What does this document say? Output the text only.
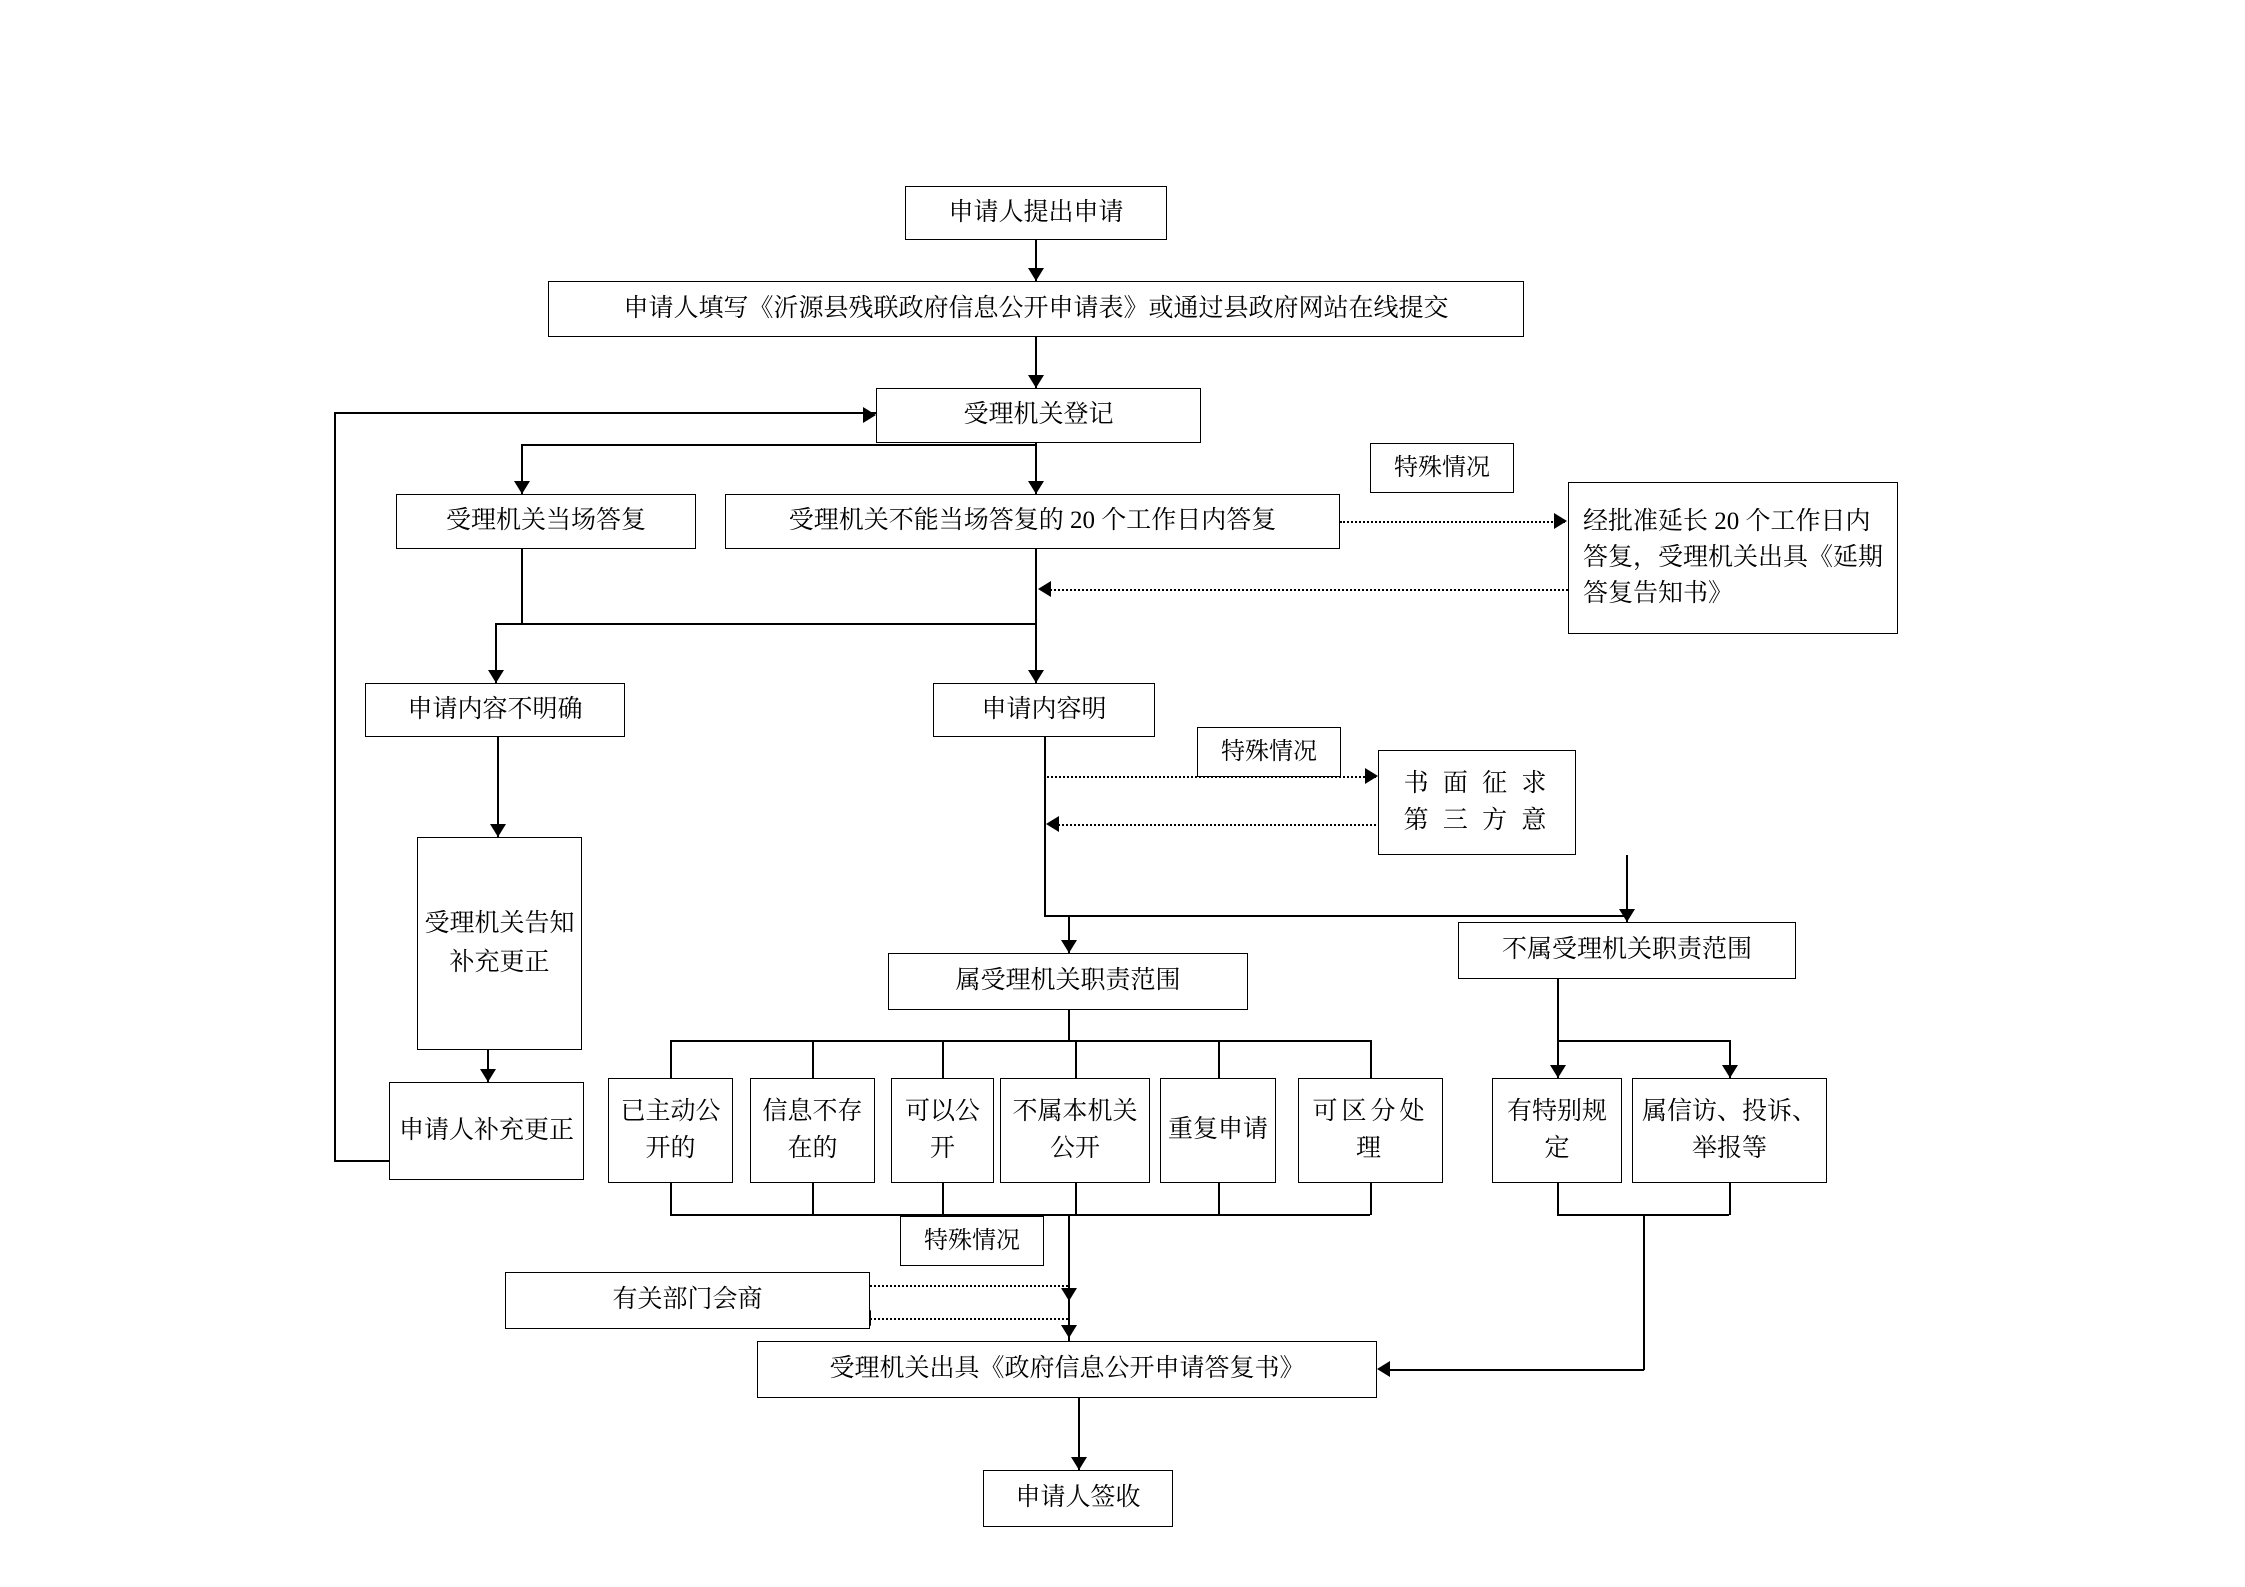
申请人提出申请
申请人填写《沂源县残联政府信息公开申请表》或通过县政府网站在线提交
受理机关登记
受理机关当场答复	受理机关不能当场答复的 20 个工作日内答复
特殊情况
经批准延长 20 个工作日内答复，受理机关出具《延期答复告知书》
申请内容不明确	申请内容明
特殊情况
书 面 征 求 第 三 方 意
受理机关告知补充更正
申请人补充更正
属受理机关职责范围
不属受理机关职责范围
已主动公开的
信息不存在的
可以公开
不属本机关公开
重复申请
可区分处理
有特别规定
属信访、投诉、举报等
特殊情况
有关部门会商
受理机关出具《政府信息公开申请答复书》
申请人签收
